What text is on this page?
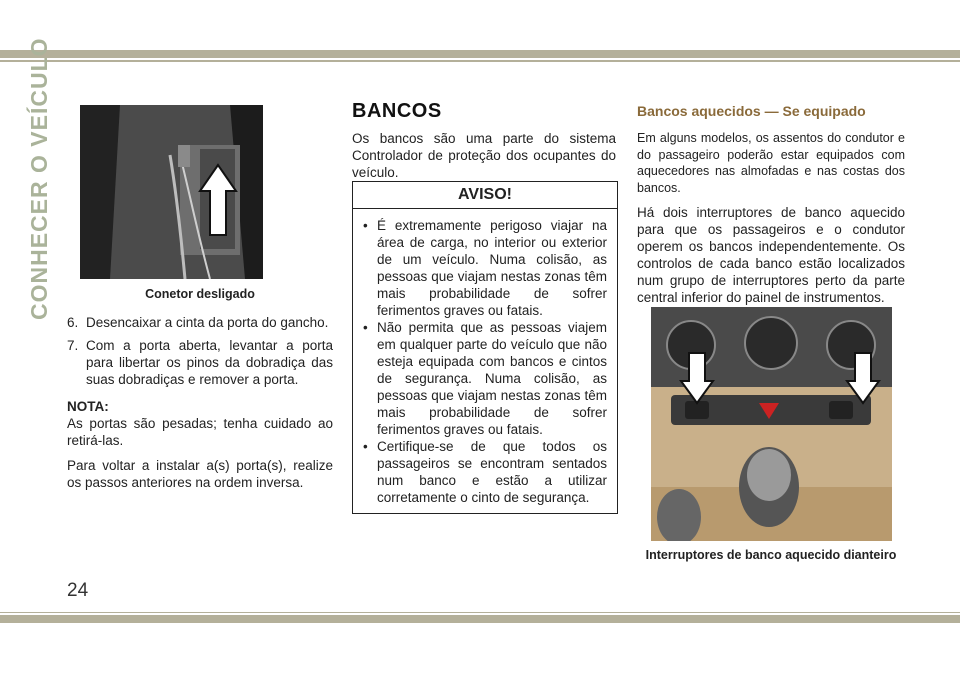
CONHECER O VEÍCULO
24
Conetor desligado
6. Desencaixar a cinta da porta do gancho.
7. Com a porta aberta, levantar a porta para libertar os pinos da dobradiça das suas dobradiças e remover a porta.
NOTA:

As portas são pesadas; tenha cuidado ao retirá-las.

Para voltar a instalar a(s) porta(s), realize os passos anteriores na ordem inversa.

BANCOS

Os bancos são uma parte do sistema Controlador de proteção dos ocupantes do veículo.

AVISO!
• É extremamente perigoso viajar na área de carga, no interior ou exterior de um veículo. Numa colisão, as pessoas que viajam nestas zonas têm mais probabilidade de sofrer ferimentos graves ou fatais.
• Não permita que as pessoas viajem em qualquer parte do veículo que não esteja equipada com bancos e cintos de segurança. Numa colisão, as pessoas que viajam nestas zonas têm mais probabilidade de sofrer ferimentos graves ou fatais.
• Certifique-se de que todos os passageiros se encontram sentados num banco e estão a utilizar corretamente o cinto de segurança.
Bancos aquecidos — Se equipado

Em alguns modelos, os assentos do condutor e do passageiro poderão estar equipados com aquecedores nas almofadas e nas costas dos bancos.

Há dois interruptores de banco aquecido para que os passageiros e o condutor operem os bancos independentemente. Os controlos de cada banco estão localizados num grupo de interruptores perto da parte central inferior do painel de instrumentos.

Interruptores de banco aquecido dianteiro
